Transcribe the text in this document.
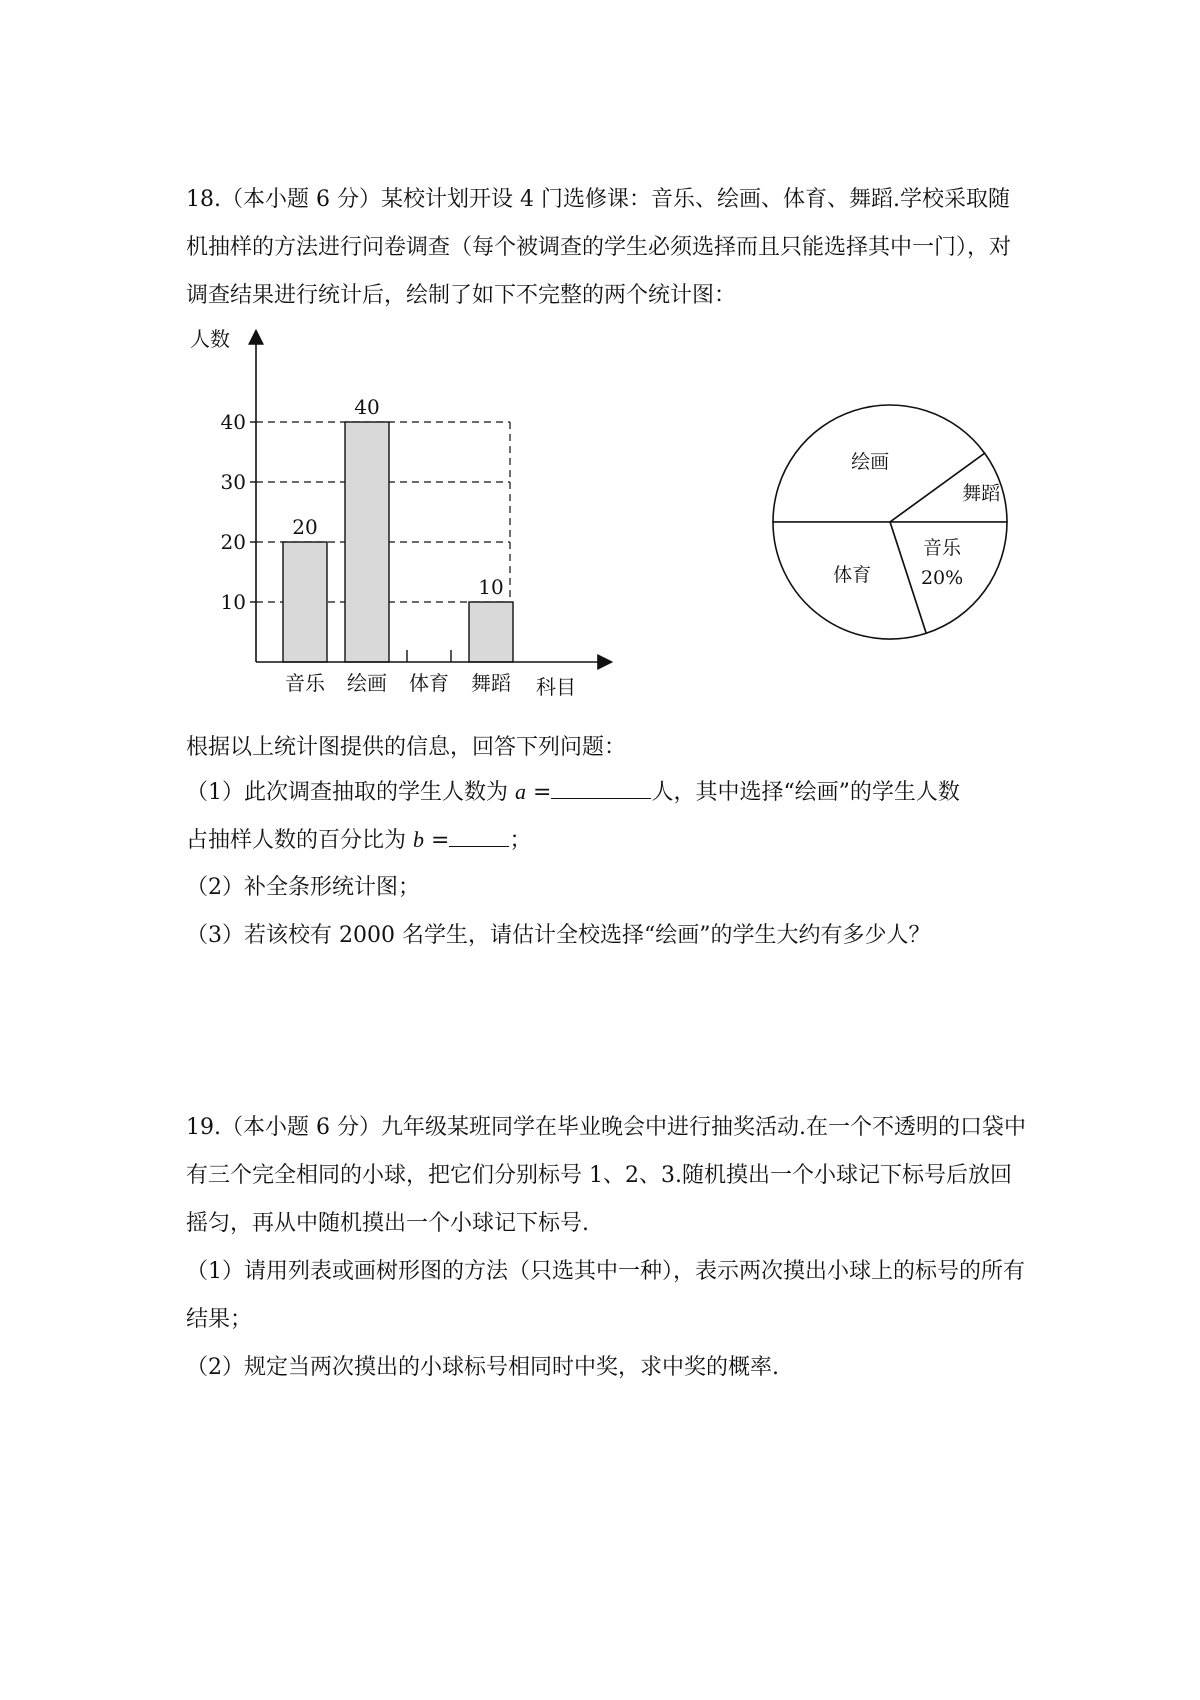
18.（本小题 6 分）某校计划开设 4 门选修课：音乐、绘画、体育、舞蹈.学校采取随机抽样的方法进行问卷调查（每个被调查的学生必须选择而且只能选择其中一门），对调查结果进行统计后，绘制了如下不完整的两个统计图：

人数
科目
10
20
30
40
音乐 绘画 体育 舞蹈
20
40
10
绘画
舞蹈
音乐
20%
体育

根据以上统计图提供的信息，回答下列问题：

（1）此次调查抽取的学生人数为 a =	人，其中选择“绘画”的学生人数
占抽样人数的百分比为 b =	；

（2）补全条形统计图；

（3）若该校有 2000 名学生，请估计全校选择“绘画”的学生大约有多少人？

19.（本小题 6 分）九年级某班同学在毕业晚会中进行抽奖活动.在一个不透明的口袋中有三个完全相同的小球，把它们分别标号 1、2、3.随机摸出一个小球记下标号后放回摇匀，再从中随机摸出一个小球记下标号.

（1）请用列表或画树形图的方法（只选其中一种），表示两次摸出小球上的标号的所有结果；

（2）规定当两次摸出的小球标号相同时中奖，求中奖的概率.
